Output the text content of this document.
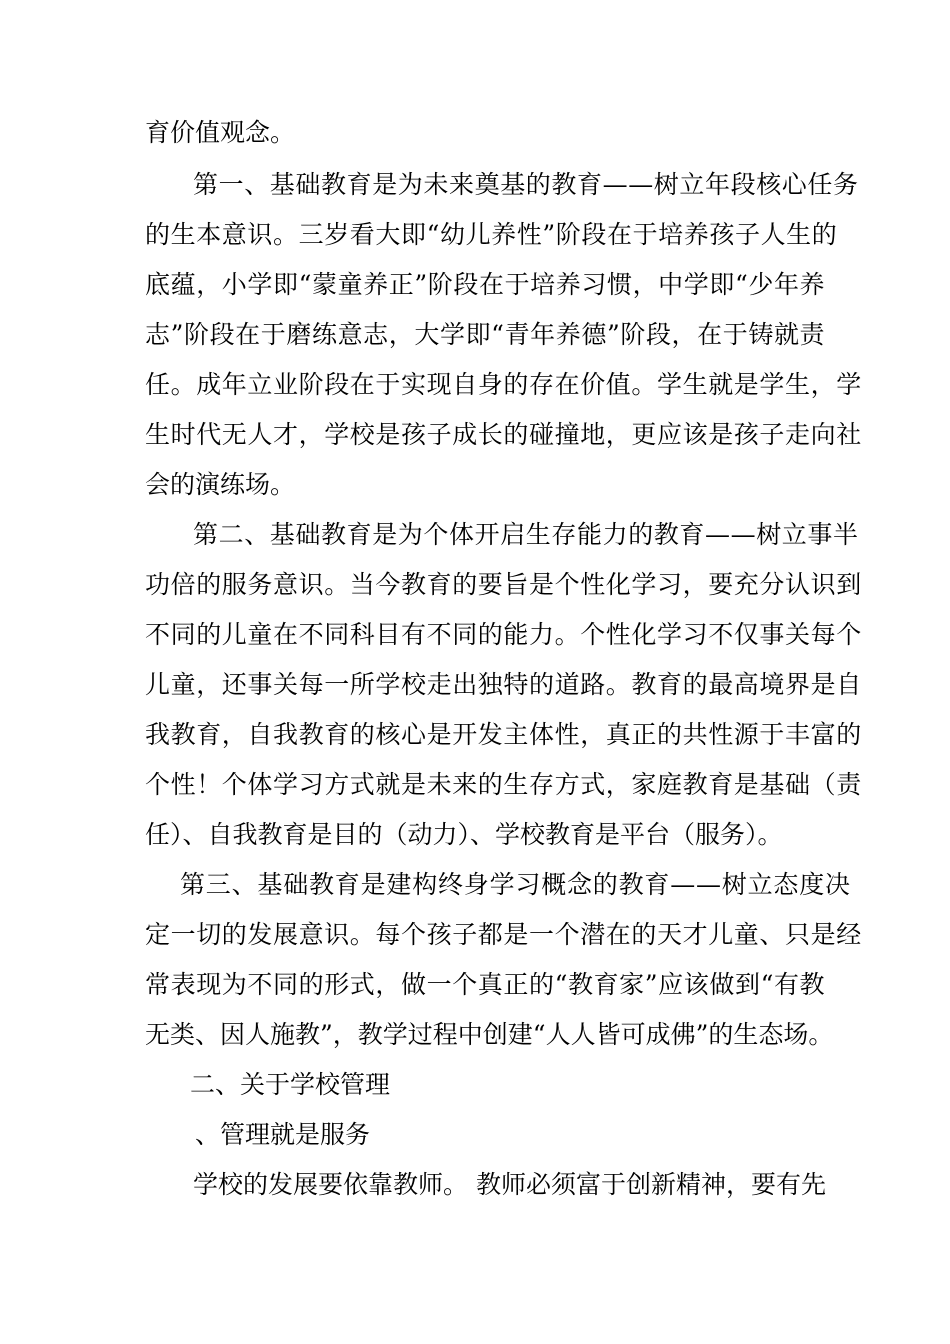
育价值观念。
第一、基础教育是为未来奠基的教育——树立年段核心任务
的生本意识。三岁看大即“幼儿养性”阶段在于培养孩子人生的
底蕴，小学即“蒙童养正”阶段在于培养习惯，中学即“少年养
志”阶段在于磨练意志，大学即“青年养德”阶段，在于铸就责
任。成年立业阶段在于实现自身的存在价值。学生就是学生，学
生时代无人才，学校是孩子成长的碰撞地，更应该是孩子走向社
会的演练场。
第二、基础教育是为个体开启生存能力的教育——树立事半
功倍的服务意识。当今教育的要旨是个性化学习，要充分认识到
不同的儿童在不同科目有不同的能力。个性化学习不仅事关每个
儿童，还事关每一所学校走出独特的道路。教育的最高境界是自
我教育，自我教育的核心是开发主体性，真正的共性源于丰富的
个性！个体学习方式就是未来的生存方式，家庭教育是基础（责
任）、自我教育是目的（动力）、学校教育是平台（服务）。
第三、基础教育是建构终身学习概念的教育——树立态度决
定一切的发展意识。每个孩子都是一个潜在的天才儿童、只是经
常表现为不同的形式，做一个真正的“教育家”应该做到“有教
无类、因人施教”，教学过程中创建“人人皆可成佛”的生态场。
二、关于学校管理
、管理就是服务
学校的发展要依靠教师。 教师必须富于创新精神，要有先
